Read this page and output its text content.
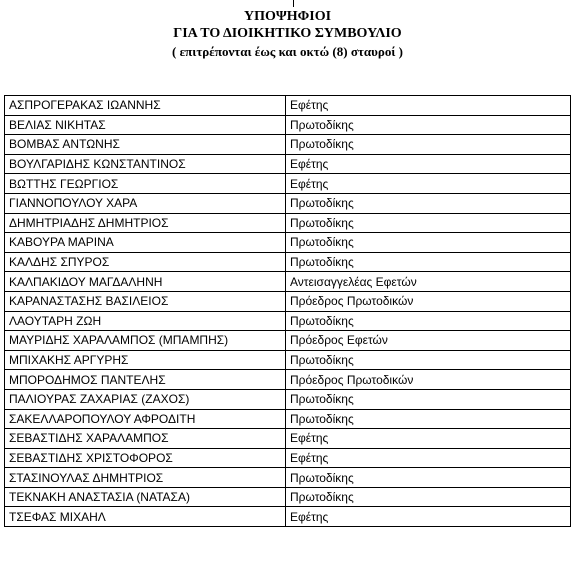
ΥΠΟΨΗΦΙΟΙ
ΓΙΑ ΤΟ ΔΙΟΙΚΗΤΙΚΟ ΣΥΜΒΟΥΛΙΟ
( επιτρέπονται έως και οκτώ (8) σταυροί )
ΑΣΠΡΟΓΕΡΑΚΑΣ ΙΩΑΝΝΗΣ	Εφέτης
ΒΕΛΙΑΣ ΝΙΚΗΤΑΣ	Πρωτοδίκης
ΒΟΜΒΑΣ ΑΝΤΩΝΗΣ	Πρωτοδίκης
ΒΟΥΛΓΑΡΙΔΗΣ ΚΩΝΣΤΑΝΤΙΝΟΣ	Εφέτης
ΒΩΤΤΗΣ ΓΕΩΡΓΙΟΣ	Εφέτης
ΓΙΑΝΝΟΠΟΥΛΟΥ ΧΑΡΑ	Πρωτοδίκης
ΔΗΜΗΤΡΙΑΔΗΣ ΔΗΜΗΤΡΙΟΣ	Πρωτοδίκης
ΚΑΒΟΥΡΑ ΜΑΡΙΝΑ	Πρωτοδίκης
ΚΑΛΔΗΣ ΣΠΥΡΟΣ	Πρωτοδίκης
ΚΑΛΠΑΚΙΔΟΥ ΜΑΓΔΑΛΗΝΗ	Αντεισαγγελέας Εφετών
ΚΑΡΑΝΑΣΤΑΣΗΣ ΒΑΣΙΛΕΙΟΣ	Πρόεδρος Πρωτοδικών
ΛΑΟΥΤΑΡΗ ΖΩΗ	Πρωτοδίκης
ΜΑΥΡΙΔΗΣ ΧΑΡΑΛΑΜΠΟΣ (ΜΠΑΜΠΗΣ)	Πρόεδρος Εφετών
ΜΠΙΧΑΚΗΣ ΑΡΓΥΡΗΣ	Πρωτοδίκης
ΜΠΟΡΟΔΗΜΟΣ ΠΑΝΤΕΛΗΣ	Πρόεδρος Πρωτοδικών
ΠΑΛΙΟΥΡΑΣ ΖΑΧΑΡΙΑΣ (ΖΑΧΟΣ)	Πρωτοδίκης
ΣΑΚΕΛΛΑΡΟΠΟΥΛΟΥ ΑΦΡΟΔΙΤΗ	Πρωτοδίκης
ΣΕΒΑΣΤΙΔΗΣ ΧΑΡΑΛΑΜΠΟΣ	Εφέτης
ΣΕΒΑΣΤΙΔΗΣ ΧΡΙΣΤΟΦΟΡΟΣ	Εφέτης
ΣΤΑΣΙΝΟΥΛΑΣ ΔΗΜΗΤΡΙΟΣ	Πρωτοδίκης
ΤΕΚΝΑΚΗ ΑΝΑΣΤΑΣΙΑ (ΝΑΤΑΣΑ)	Πρωτοδίκης
ΤΣΕΦΑΣ ΜΙΧΑΗΛ	Εφέτης
